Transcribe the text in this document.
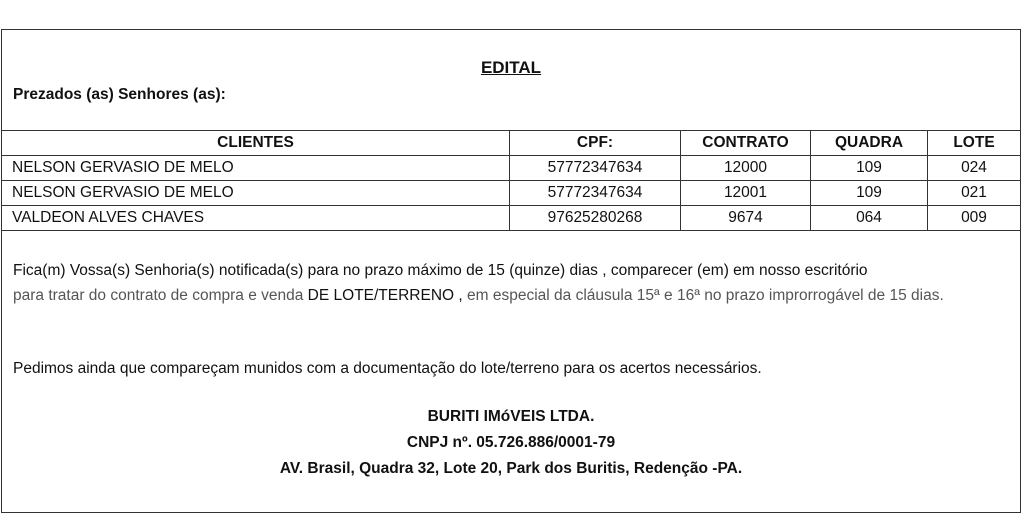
EDITAL
Prezados (as) Senhores (as):
CLIENTES	CPF:	CONTRATO	QUADRA	LOTE
NELSON GERVASIO DE MELO	57772347634	12000	109	024
NELSON GERVASIO DE MELO	57772347634	12001	109	021
VALDEON ALVES CHAVES	97625280268	9674	064	009
Fica(m) Vossa(s) Senhoria(s) notificada(s) para no prazo máximo de 15 (quinze) dias , comparecer (em) em nosso escritório
para tratar do contrato de compra e venda DE LOTE/TERRENO , em especial da cláusula 15ª e 16ª no prazo improrrogável de 15 dias.
Pedimos ainda que compareçam munidos com a documentação do lote/terreno para os acertos necessários.
BURITI IMóVEIS LTDA.
CNPJ nº. 05.726.886/0001-79
AV. Brasil, Quadra 32, Lote 20, Park dos Buritis, Redenção -PA.
